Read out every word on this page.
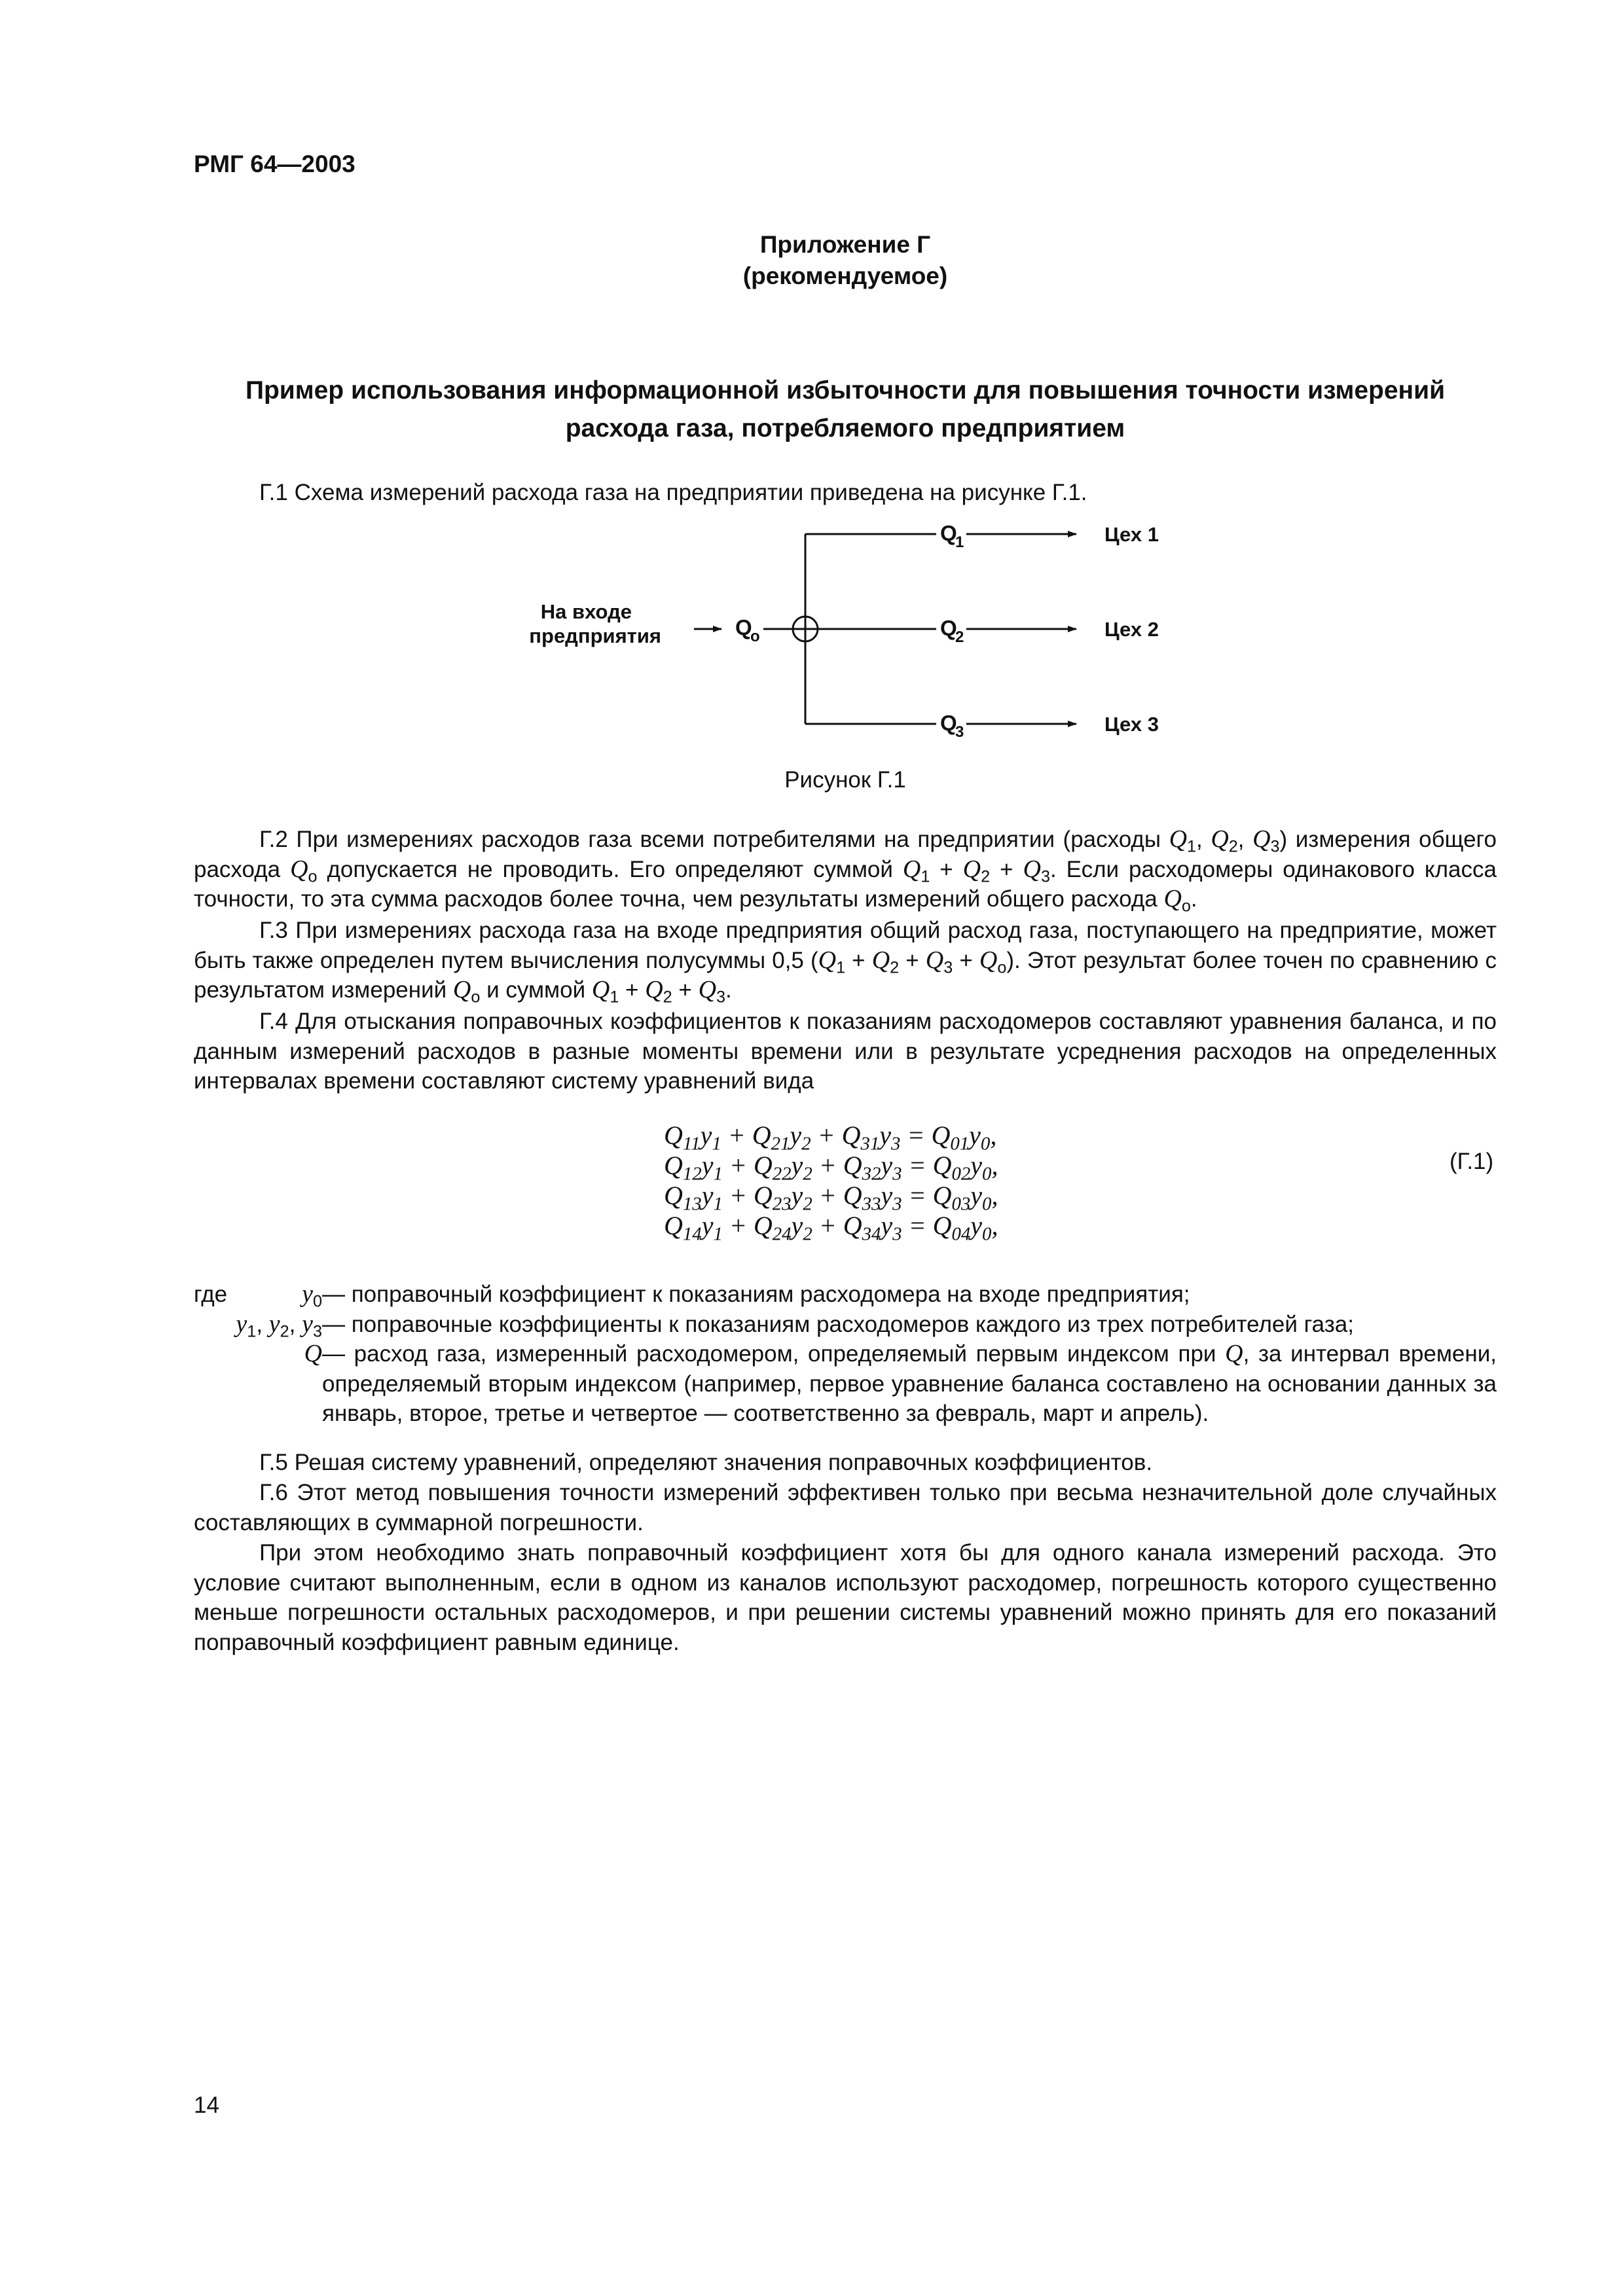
РМГ 64—2003
Приложение Г
(рекомендуемое)
Пример использования информационной избыточности для повышения точности измерений
расхода газа, потребляемого предприятием
Г.1 Схема измерений расхода газа на предприятии приведена на рисунке Г.1.
На входе
предприятия	Q
о
Q
1	Цех 1
Q
2	Цех 2
Q
3	Цех 3
Рисунок Г.1
Г.2 При измерениях расходов газа всеми потребителями на предприятии (расходы $Q_1$, $Q_2$, $Q_3$) измерения общего расхода $Q_о$ допускается не проводить. Его определяют суммой $Q_1 + Q_2 + Q_3$. Если расходомеры одинакового класса точности, то эта сумма расходов более точна, чем результаты измерений общего расхода $Q_о$.
Г.3 При измерениях расхода газа на входе предприятия общий расход газа, поступающего на предприятие, может быть также определен путем вычисления полусуммы 0,5 $(Q_1 + Q_2 + Q_3 + Q_о)$. Этот результат более точен по сравнению с результатом измерений $Q_о$ и суммой $Q_1 + Q_2 + Q_3$.
Г.4 Для отыскания поправочных коэффициентов к показаниям расходомеров составляют уравнения баланса, и по данным измерений расходов в разные моменты времени или в результате усреднения расходов на определенных интервалах времени составляют систему уравнений вида
$Q_{11}y_1 + Q_{21}y_2 + Q_{31}y_3 = Q_{01}y_0$,
$Q_{12}y_1 + Q_{22}y_2 + Q_{32}y_3 = Q_{02}y_0$,
$Q_{13}y_1 + Q_{23}y_2 + Q_{33}y_3 = Q_{03}y_0$,
$Q_{14}y_1 + Q_{24}y_2 + Q_{34}y_3 = Q_{04}y_0$,
(Г.1)
где	$y_0$ — поправочный коэффициент к показаниям расходомера на входе предприятия;
$y_1$, $y_2$, $y_3$ — поправочные коэффициенты к показаниям расходомеров каждого из трех потребителей газа;
Q — расход газа, измеренный расходомером, определяемый первым индексом при Q, за интервал времени, определяемый вторым индексом (например, первое уравнение баланса составлено на основании данных за январь, второе, третье и четвертое — соответственно за февраль, март и апрель).
Г.5 Решая систему уравнений, определяют значения поправочных коэффициентов.
Г.6 Этот метод повышения точности измерений эффективен только при весьма незначительной доле случайных составляющих в суммарной погрешности.
При этом необходимо знать поправочный коэффициент хотя бы для одного канала измерений расхода. Это условие считают выполненным, если в одном из каналов используют расходомер, погрешность которого существенно меньше погрешности остальных расходомеров, и при решении системы уравнений можно принять для его показаний поправочный коэффициент равным единице.
14
